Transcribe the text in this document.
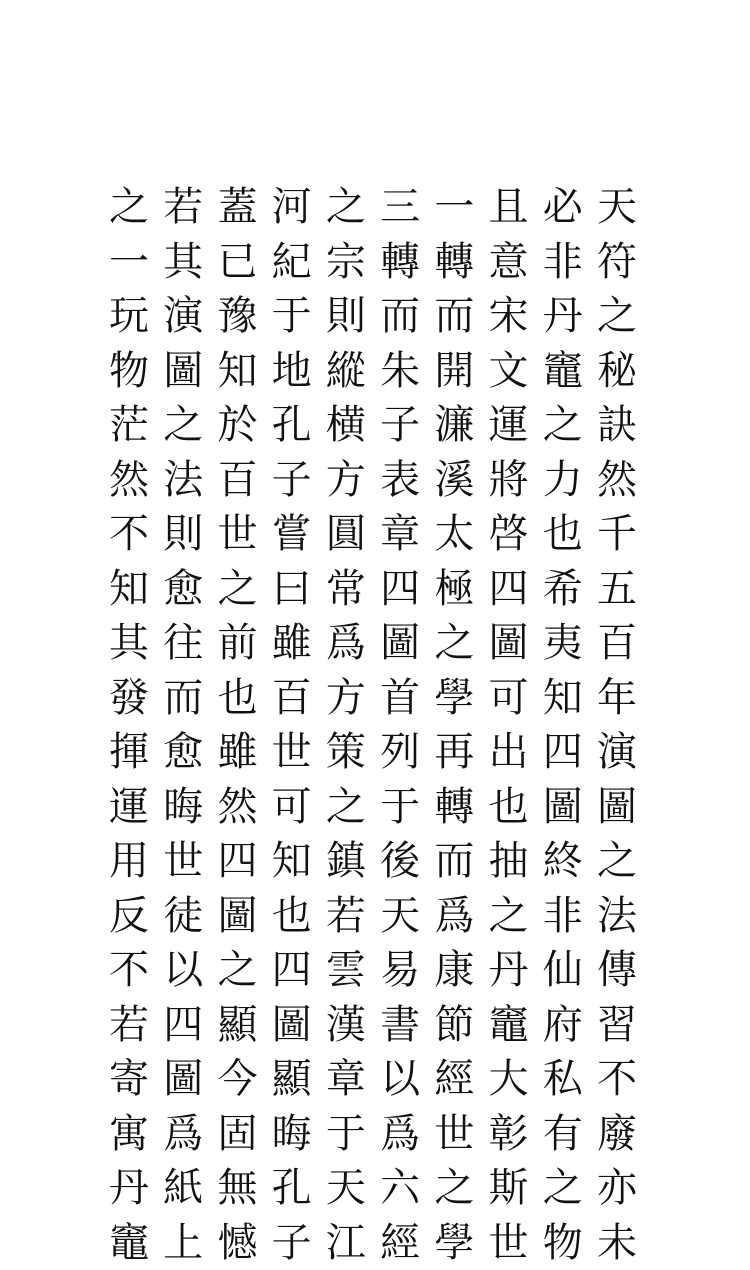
天
符
之
秘
訣
然
千
五
百
年
演
圖
之
法
傳
習
不
廢
亦
未
必
非
丹
竈
之
力
也
希
夷
知
四
圖
終
非
仙
府
私
有
之
物
且
意
宋
文
運
將
啓
四
圖
可
出
也
抽
之
丹
竈
大
彰
斯
世
一
轉
而
開
濂
溪
太
極
之
學
再
轉
而
爲
康
節
經
世
之
學
三
轉
而
朱
子
表
章
四
圖
首
列
于
後
天
易
書
以
爲
六
經
之
宗
則
縱
横
方
圓
常
爲
方
策
之
鎮
若
雲
漢
章
于
天
江
河
紀
于
地
孔
子
嘗
曰
雖
百
世
可
知
也
四
圖
顯
晦
孔
子
蓋
已
豫
知
於
百
世
之
前
也
雖
然
四
圖
之
顯
今
固
無
憾
若
其
演
圖
之
法
則
愈
往
而
愈
晦
世
徒
以
四
圖
爲
紙
上
之
一
玩
物
茫
然
不
知
其
發
揮
運
用
反
不
若
寄
寓
丹
竈
